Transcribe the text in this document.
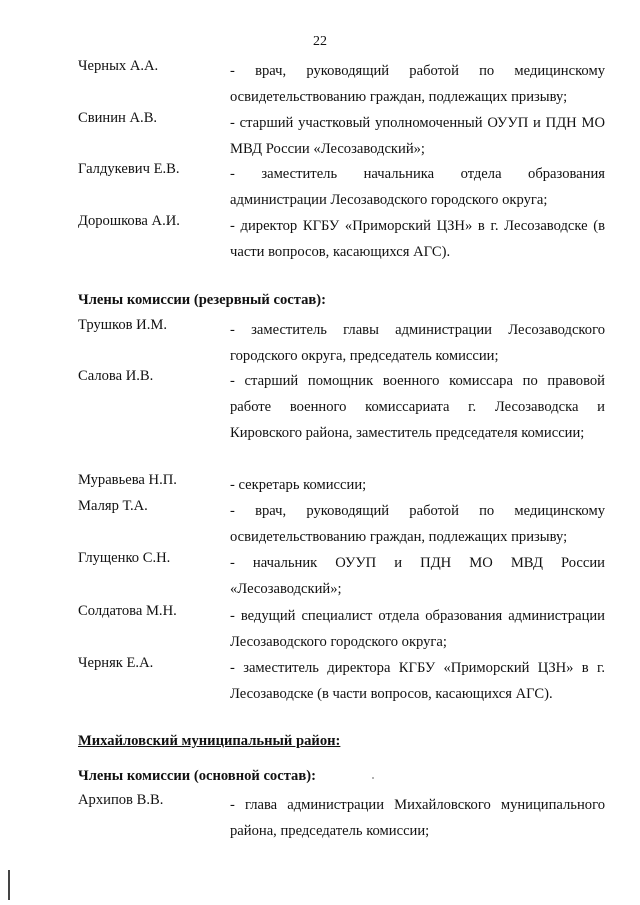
22
Черных А.А.	- врач, руководящий работой по медицинскому освидетельствованию граждан, подлежащих призыву;
Свинин А.В.	- старший участковый уполномоченный ОУУП и ПДН МО МВД России «Лесозаводский»;
Галдукевич Е.В.	- заместитель начальника отдела образования администрации Лесозаводского городского округа;
Дорошкова А.И.	- директор КГБУ «Приморский ЦЗН» в г. Лесозаводске (в части вопросов, касающихся АГС).
Члены комиссии (резервный состав):
Трушков И.М.	- заместитель главы администрации Лесозаводского городского округа, председатель комиссии;
Салова И.В.	- старший помощник военного комиссара по правовой работе военного комиссариата г. Лесозаводска и Кировского района, заместитель председателя комиссии;
Муравьева Н.П.	- секретарь комиссии;
Маляр Т.А.	- врач, руководящий работой по медицинскому освидетельствованию граждан, подлежащих призыву;
Глущенко С.Н.	- начальник ОУУП и ПДН МО МВД России «Лесозаводский»;
Солдатова М.Н.	- ведущий специалист отдела образования администрации Лесозаводского городского округа;
Черняк Е.А.	- заместитель директора КГБУ «Приморский ЦЗН» в г. Лесозаводске (в части вопросов, касающихся АГС).
Михайловский муниципальный район:
Члены комиссии (основной состав):
Архипов В.В.	- глава администрации Михайловского муниципального района, председатель комиссии;
